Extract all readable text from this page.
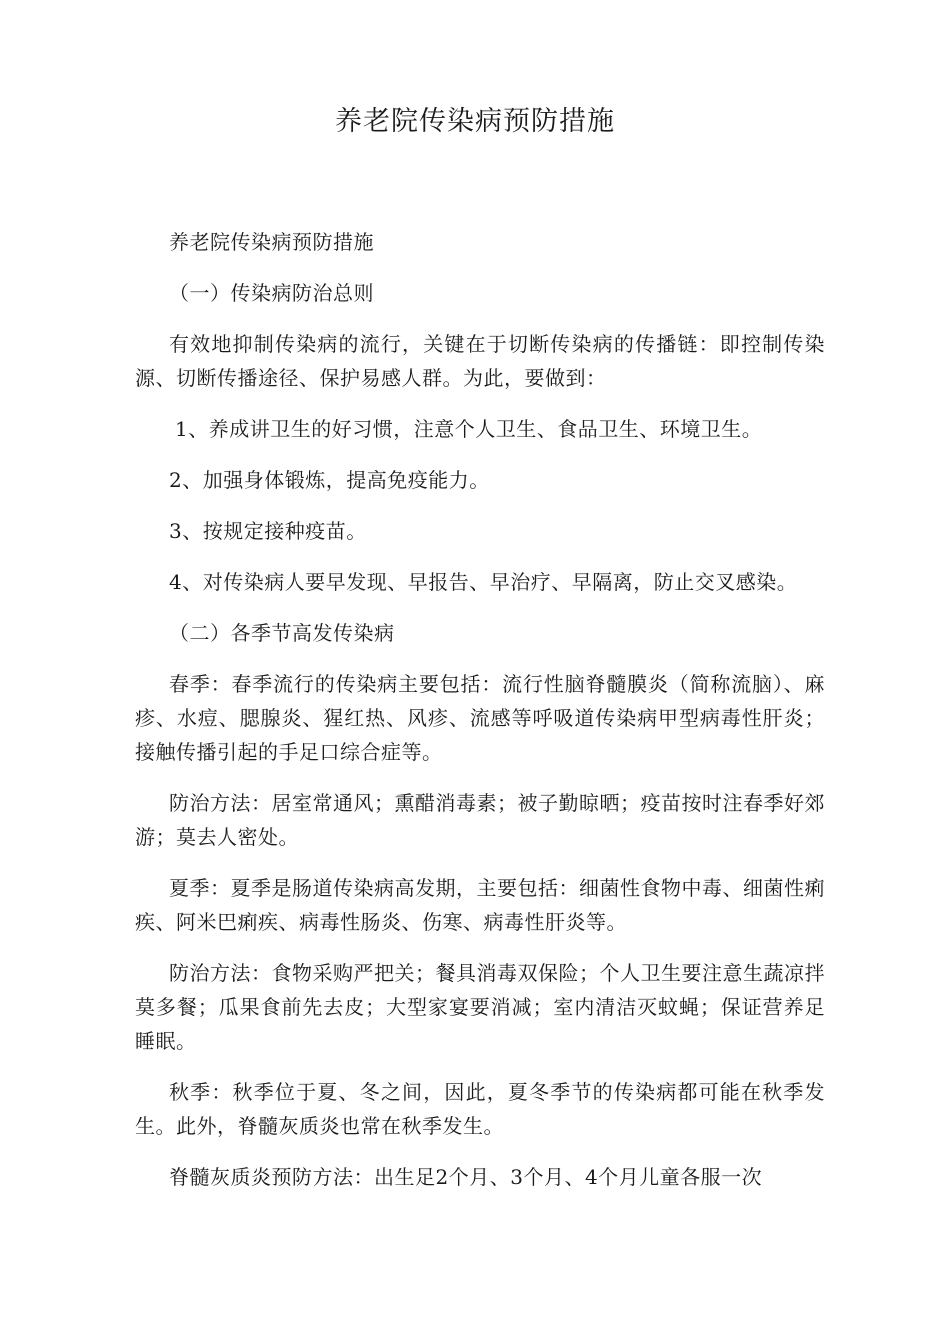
养老院传染病预防措施

养老院传染病预防措施

（一）传染病防治总则

有效地抑制传染病的流行，关键在于切断传染病的传播链：即控制传染源、切断传播途径、保护易感人群。为此，要做到：

1、养成讲卫生的好习惯，注意个人卫生、食品卫生、环境卫生。

2、加强身体锻炼，提高免疫能力。

3、按规定接种疫苗。

4、对传染病人要早发现、早报告、早治疗、早隔离，防止交叉感染。

（二）各季节高发传染病

春季：春季流行的传染病主要包括：流行性脑脊髓膜炎（简称流脑）、麻疹、水痘、腮腺炎、猩红热、风疹、流感等呼吸道传染病甲型病毒性肝炎；接触传播引起的手足口综合症等。

防治方法：居室常通风；熏醋消毒素；被子勤晾晒；疫苗按时注春季好郊游；莫去人密处。

夏季：夏季是肠道传染病高发期，主要包括：细菌性食物中毒、细菌性痢疾、阿米巴痢疾、病毒性肠炎、伤寒、病毒性肝炎等。

防治方法：食物采购严把关；餐具消毒双保险；个人卫生要注意生蔬凉拌莫多餐；瓜果食前先去皮；大型家宴要消减；室内清洁灭蚊蝇；保证营养足睡眠。

秋季：秋季位于夏、冬之间，因此，夏冬季节的传染病都可能在秋季发生。此外，脊髓灰质炎也常在秋季发生。

脊髓灰质炎预防方法：出生足2个月、3个月、4个月儿童各服一次
